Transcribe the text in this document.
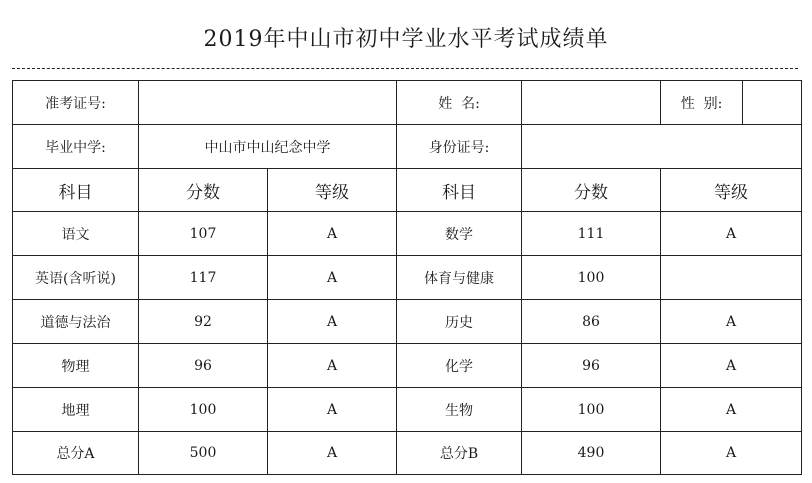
2019年中山市初中学业水平考试成绩单
准考证号:			姓  名:		性  别:	
毕业中学:	中山市中山纪念中学		身份证号:			
科目	分数	等级	科目	分数	等级	
语文	107	A	数学	111	A	
英语(含听说)	117	A	体育与健康	100		
道德与法治	92	A	历史	86	A	
物理	96	A	化学	96	A	
地理	100	A	生物	100	A	
总分A	500	A	总分B	490	A	
